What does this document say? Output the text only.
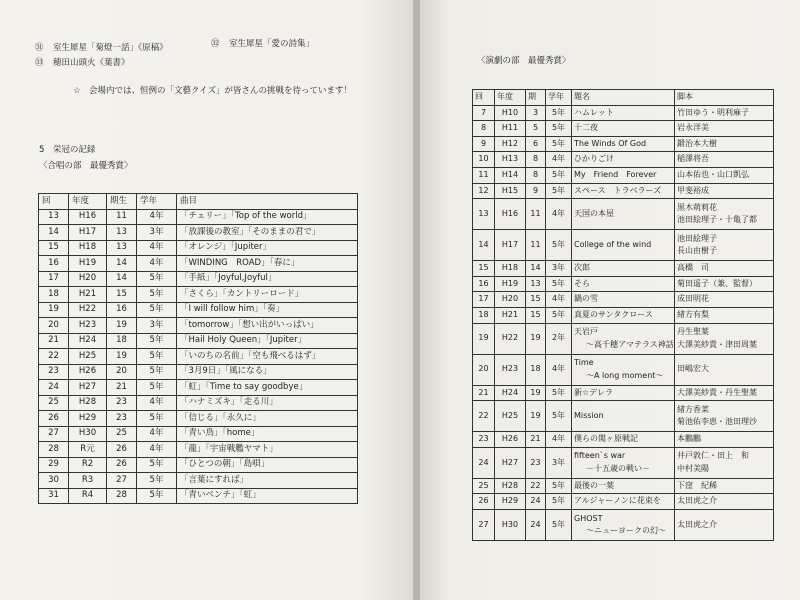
㉛ 室生犀星「菊燈一話」《原稿》	㉜ 室生犀星「愛の詩集」
㉝ 穂田山頭火《葉書》
☆ 会場内では、恒例の「文藝クイズ」が皆さんの挑戦を待っています！
5　栄冠の記録
〈合唱の部　最優秀賞〉
回	年度	期生	学年	曲目
13	H16	11	4年	「チェリー」「Top of the world」
14	H17	13	3年	「放課後の教室」「そのままの君で」
15	H18	13	4年	「オレンジ」「Jupiter」
16	H19	14	4年	「WINDING　ROAD」「春に」
17	H20	14	5年	「手紙」「Joyful,Joyful」
18	H21	15	5年	「さくら」「カントリーロード」
19	H22	16	5年	「I will follow him」「奏」
20	H23	19	3年	「tomorrow」「想い出がいっぱい」
21	H24	18	5年	「Hail Holy Queen」「Jupiter」
22	H25	19	5年	「いのちの名前」「空も飛べるはず」
23	H26	20	5年	「3月9日」「風になる」
24	H27	21	5年	「虹」「Time to say goodbye」
25	H28	23	4年	「ハナミズキ」「走る川」
26	H29	23	5年	「信じる」「永久に」
27	H30	25	4年	「青い鳥」「home」
28	R元	26	4年	「龍」「宇宙戦艦ヤマト」
29	R2	26	5年	「ひとつの朝」「島唄」
30	R3	27	5年	「言葉にすれば」
31	R4	28	5年	「青いベンチ」「虹」
〈演劇の部　最優秀賞〉
回	年度	期	学年	題名	脚本
7	H10	3	5年	ハムレット	竹田ゆう・明利麻子
8	H11	5	5年	十二夜	岩永洋美
9	H12	6	5年	The Winds Of God	鍛治本大樹
10	H13	8	4年	ひかりごけ	稲澤将吾
11	H14	8	5年	My　Friend　Forever	山本佑也・山口凱弘
12	H15	9	5年	スペース　トラベラーズ	甲斐裕成
13	H16	11	4年	天国の本屋	黒木萌莉花
池田絵理子・十亀了都

14	H17	11	5年	College of the wind	池田絵理子
長山由樹子

15	H18	14	3年	次郎	高橋　司
16	H19	13	5年	そら	菊田遥子（兼、監督）
17	H20	15	4年	鍋の雪	成田明花
18	H21	15	5年	真夏のサンタクロース	緒方有梨
19	H22	19	2年	天岩戸
～高千穂アマテラス神話	丹生聖葉
大澤美紗貴・津田周葉

20	H23	18	4年	Time
～A long moment～	田嶋宏大
21	H24	19	5年	新☆デレラ	大澤美紗貴・丹生聖葉
22	H25	19	5年	Mission	緒方香菜
菊池佑李恵・池田理沙

23	H26	21	4年	僕らの関ヶ原戦記	本鵬鵬
24	H27	23	3年	fifteen`s war
－十五歳の戦い－	井戸敦仁・田上　和
中村美陽

25	H28	22	5年	最後の一葉	下窪　紀稀
26	H29	24	5年	アルジャーノンに花束を	太田虎之介
27	H30	24	5年	GHOST
～ニューヨークの幻～	太田虎之介
